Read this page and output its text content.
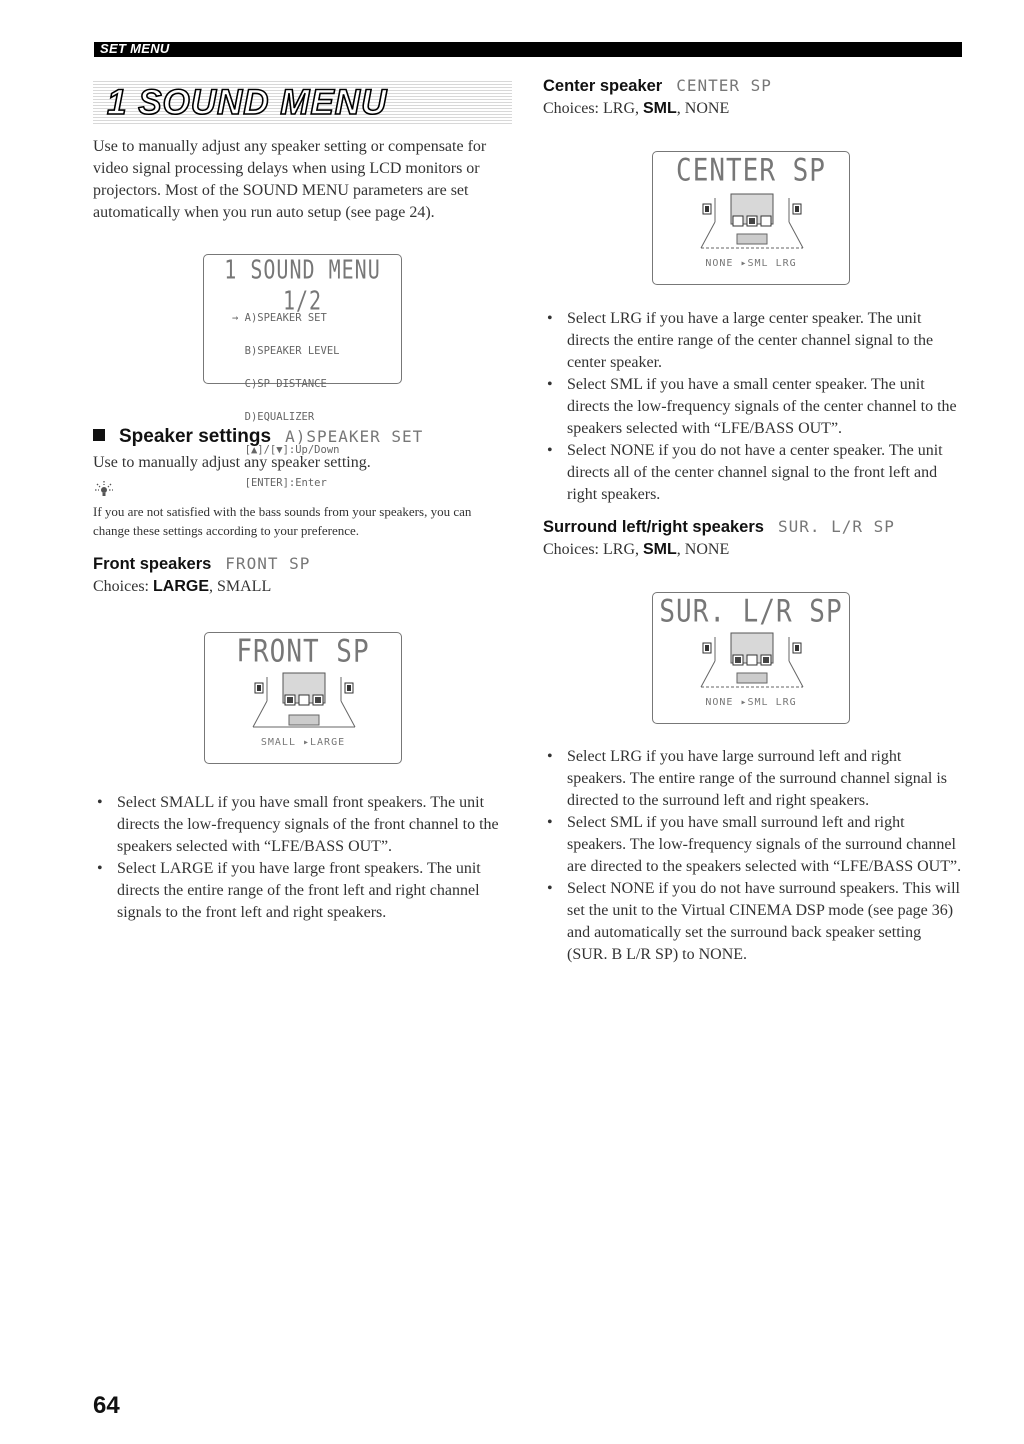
SET MENU
1 SOUND MENU
Use to manually adjust any speaker setting or compensate for video signal processing delays when using LCD monitors or projectors. Most of the SOUND MENU parameters are set automatically when you run auto setup (see page 24).
1 SOUND MENU 1/2

→ A)SPEAKER SET

B)SPEAKER LEVEL

C)SP DISTANCE

D)EQUALIZER

[▲]/[▼]:Up/Down

[ENTER]:Enter

Speaker settings A)SPEAKER SET
Use to manually adjust any speaker setting.
If you are not satisfied with the bass sounds from your speakers, you can change these settings according to your preference.
Front speakers FRONT SP
Choices: LARGE, SMALL
FRONT SP
SMALL ▸LARGE
• Select SMALL if you have small front speakers. The unit directs the low-frequency signals of the front channel to the speakers selected with “LFE/BASS OUT”.
• Select LARGE if you have large front speakers. The unit directs the entire range of the front left and right channel signals to the front left and right speakers.
Center speaker CENTER SP
Choices: LRG, SML, NONE
CENTER SP
NONE ▸SML LRG
• Select LRG if you have a large center speaker. The unit directs the entire range of the center channel signal to the center speaker.
• Select SML if you have a small center speaker. The unit directs the low-frequency signals of the center channel to the speakers selected with “LFE/BASS OUT”.
• Select NONE if you do not have a center speaker. The unit directs all of the center channel signal to the front left and right speakers.
Surround left/right speakers SUR. L/R SP
Choices: LRG, SML, NONE
SUR. L/R SP
NONE ▸SML LRG
• Select LRG if you have large surround left and right speakers. The entire range of the surround channel signal is directed to the surround left and right speakers.
• Select SML if you have small surround left and right speakers. The low-frequency signals of the surround channel are directed to the speakers selected with “LFE/BASS OUT”.
• Select NONE if you do not have surround speakers. This will set the unit to the Virtual CINEMA DSP mode (see page 36) and automatically set the surround back speaker setting (SUR. B L/R SP) to NONE.
64
